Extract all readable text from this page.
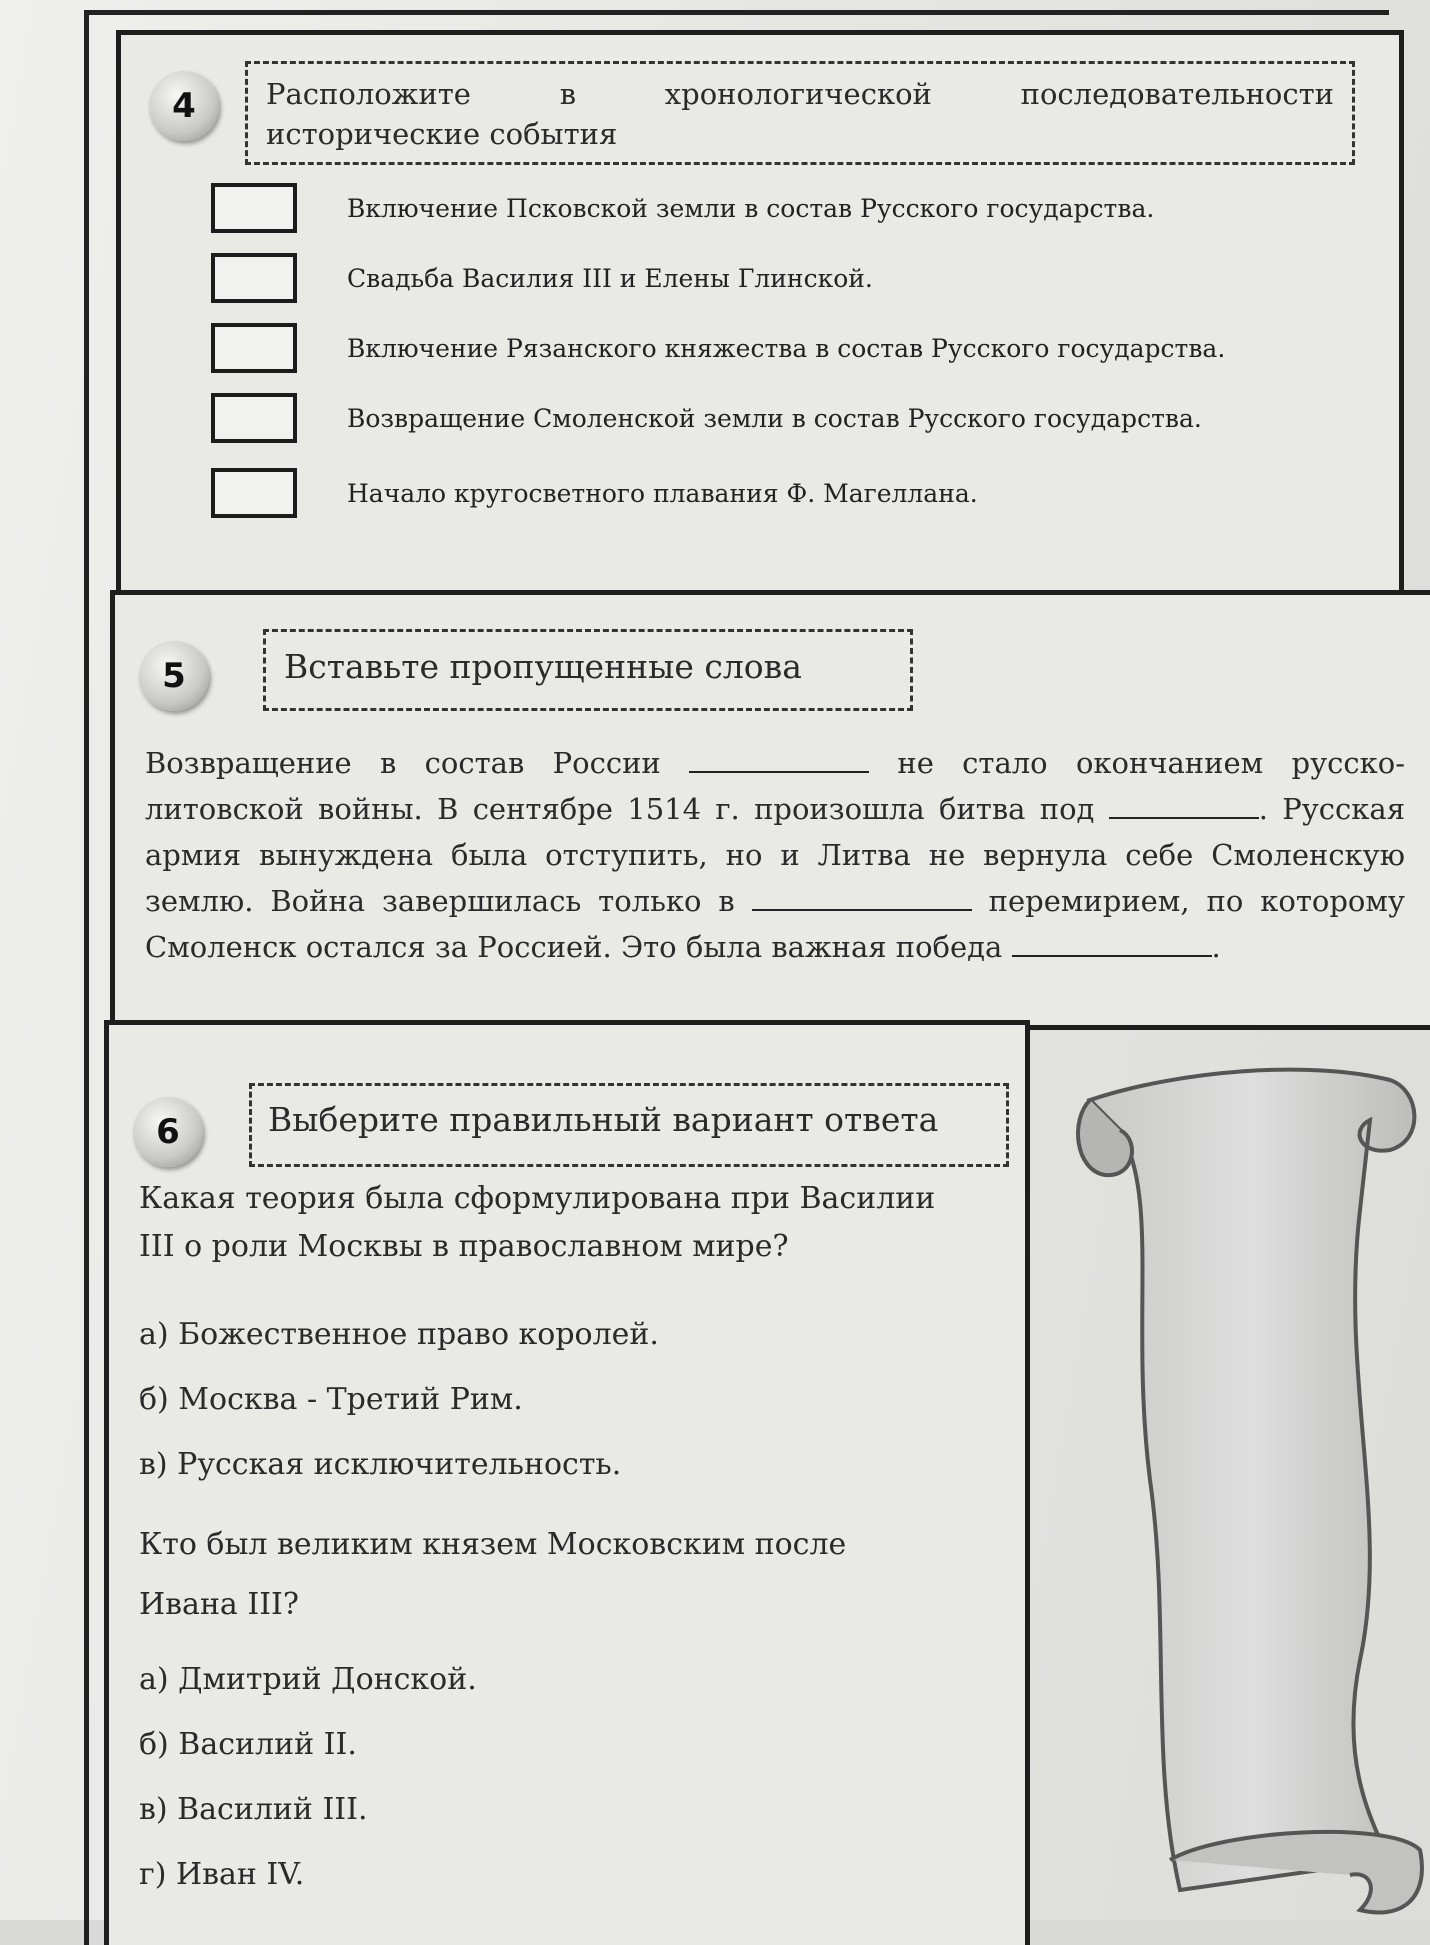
4	Расположите	в	хронологической	последовательности
исторические события
Включение Псковской земли в состав Русского государства.
Свадьба Василия III и Елены Глинской.
Включение Рязанского княжества в состав Русского государства.
Возвращение Смоленской земли в состав Русского государства.
Начало кругосветного плавания Ф. Магеллана.
5	Вставьте пропущенные слова
Возвращение в состав России	не стало окончанием русско-литовской войны. В сентябре 1514 г. произошла битва под	. Русская армия вынуждена была отступить, но и Литва не вернула себе Смоленскую землю. Война завершилась только в	перемирием, по которому Смоленск остался за Россией. Это была важная победа	.
6	Выберите правильный вариант ответа
Какая теория была сформулирована при Василии III о роли Москвы в православном мире?
а) Божественное право королей.
б) Москва - Третий Рим.
в) Русская исключительность.
Кто был великим князем Московским после Ивана III?
а) Дмитрий Донской.
б) Василий II.
в) Василий III.
г) Иван IV.
